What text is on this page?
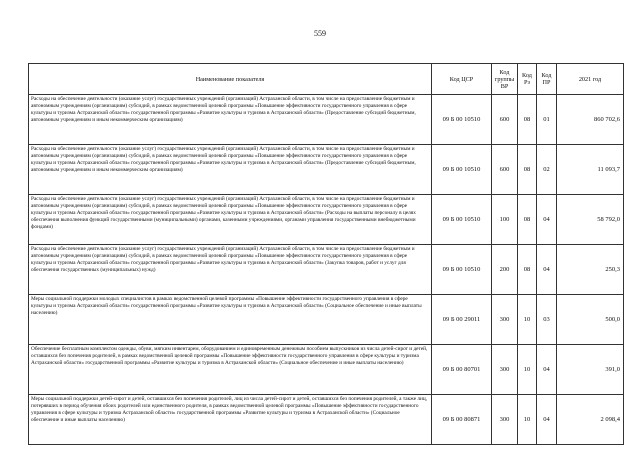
559
Наименование показателя	Код ЦСР	Код группы ВР	Код Рз	Код ПР	2021 год
Расходы на обеспечение деятельности (оказание услуг) государственных учреждений (организаций) Астраханской области, в том числе на предоставление бюджетным и автономным учреждениям (организациям) субсидий, в рамках ведомственной целевой программы «Повышение эффективности государственного управления в сфере культуры и туризма Астраханской области» государственной программы «Развитие культуры и туризма в Астраханской области» (Предоставление субсидий бюджетным, автономным учреждениям и иным некоммерческим организациям)	09 Б 00 10510	600	08	01	860 702,6
Расходы на обеспечение деятельности (оказание услуг) государственных учреждений (организаций) Астраханской области, в том числе на предоставление бюджетным и автономным учреждениям (организациям) субсидий, в рамках ведомственной целевой программы «Повышение эффективности государственного управления в сфере культуры и туризма Астраханской области» государственной программы «Развитие культуры и туризма в Астраханской области» (Предоставление субсидий бюджетным, автономным учреждениям и иным некоммерческим организациям)	09 Б 00 10510	600	08	02	11 093,7
Расходы на обеспечение деятельности (оказание услуг) государственных учреждений (организаций) Астраханской области, в том числе на предоставление бюджетным и автономным учреждениям (организациям) субсидий, в рамках ведомственной целевой программы «Повышение эффективности государственного управления в сфере культуры и туризма Астраханской области» государственной программы «Развитие культуры и туризма в Астраханской области» (Расходы на выплаты персоналу в целях обеспечения выполнения функций государственными (муниципальными) органами, казенными учреждениями, органами управления государственными внебюджетными фондами)	09 Б 00 10510	100	08	04	58 792,0
Расходы на обеспечение деятельности (оказание услуг) государственных учреждений (организаций) Астраханской области, в том числе на предоставление бюджетным и автономным учреждениям (организациям) субсидий, в рамках ведомственной целевой программы «Повышение эффективности государственного управления в сфере культуры и туризма Астраханской области» государственной программы «Развитие культуры и туризма в Астраханской области» (Закупка товаров, работ и услуг для обеспечения государственных (муниципальных) нужд)	09 Б 00 10510	200	08	04	250,3
Меры социальной поддержки молодых специалистов в рамках ведомственной целевой программы «Повышение эффективности государственного управления в сфере культуры и туризма Астраханской области» государственной программы «Развитие культуры и туризма в Астраханской области» (Социальное обеспечение и иные выплаты населению)	09 Б 00 29011	300	10	03	500,0
Обеспечение бесплатным комплектом одежды, обуви, мягким инвентарем, оборудованием и единовременным денежным пособием выпускников из числа детей-сирот и детей, оставшихся без попечения родителей, в рамках ведомственной целевой программы «Повышение эффективности государственного управления в сфере культуры и туризма Астраханской области» государственной программы «Развитие культуры и туризма в Астраханской области» (Социальное обеспечение и иные выплаты населению)	09 Б 00 80701	300	10	04	391,0
Меры социальной поддержки детей-сирот и детей, оставшихся без попечения родителей, лиц из числа детей-сирот и детей, оставшихся без попечения родителей, а также лиц, потерявших в период обучения обоих родителей или единственного родителя, в рамках ведомственной целевой программы «Повышение эффективности государственного управления в сфере культуры и туризма Астраханской области» государственной программы «Развитие культуры и туризма в Астраханской области» (Социальное обеспечение и иные выплаты населению)	09 Б 00 80871	300	10	04	2 098,4
